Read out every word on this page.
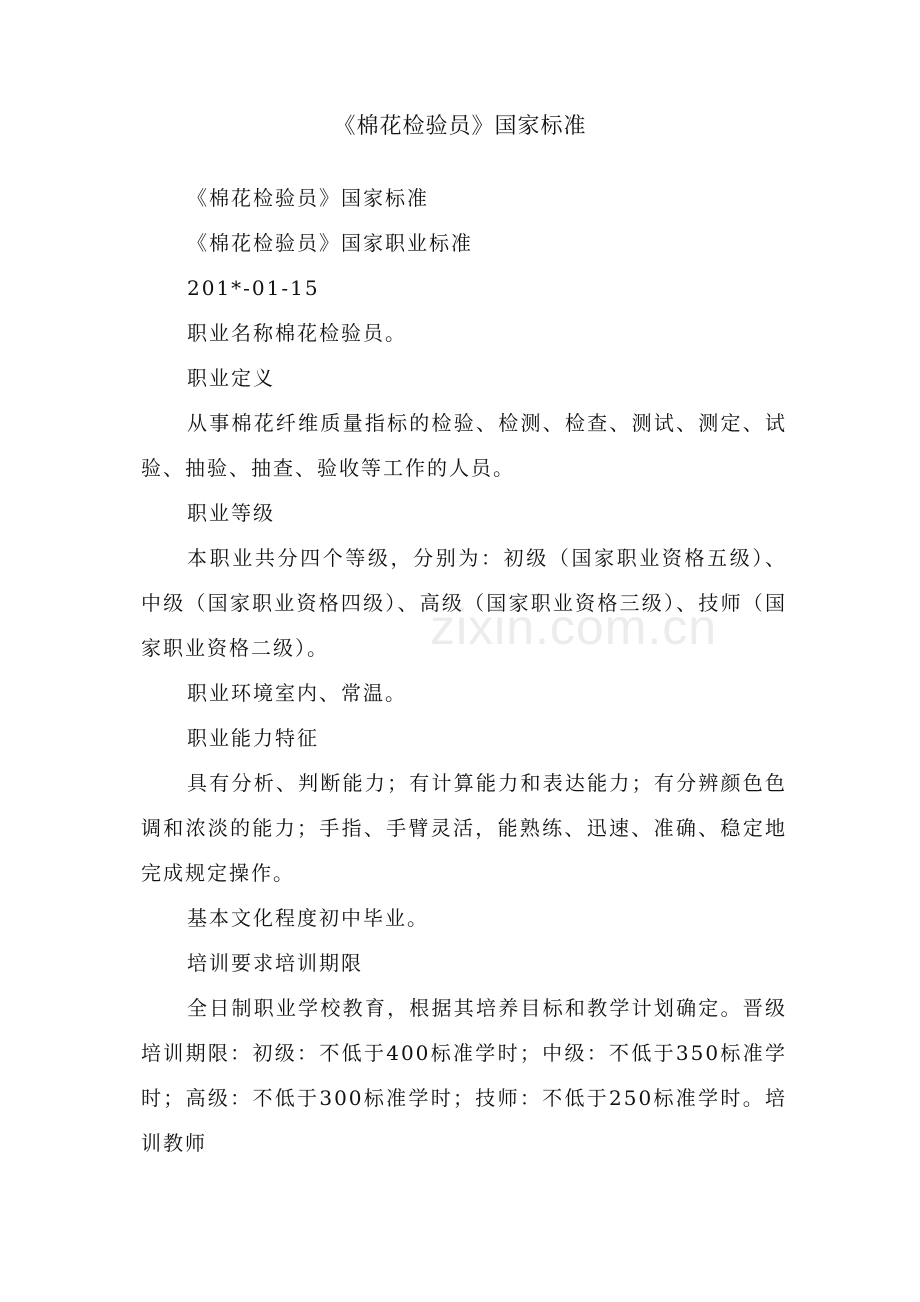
《棉花检验员》国家标准

《棉花检验员》国家标准

《棉花检验员》国家职业标准

201*-01-15

职业名称棉花检验员。

职业定义

从事棉花纤维质量指标的检验、检测、检查、测试、测定、试验、抽验、抽查、验收等工作的人员。

职业等级

本职业共分四个等级，分别为：初级（国家职业资格五级）、中级（国家职业资格四级）、高级（国家职业资格三级）、技师（国家职业资格二级）。

职业环境室内、常温。

职业能力特征

具有分析、判断能力；有计算能力和表达能力；有分辨颜色色调和浓淡的能力；手指、手臂灵活，能熟练、迅速、准确、稳定地完成规定操作。

基本文化程度初中毕业。

培训要求培训期限

全日制职业学校教育，根据其培养目标和教学计划确定。晋级培训期限：初级：不低于400标准学时；中级：不低于350标准学时；高级：不低于300标准学时；技师：不低于250标准学时。培训教师

zixin.com.cn
